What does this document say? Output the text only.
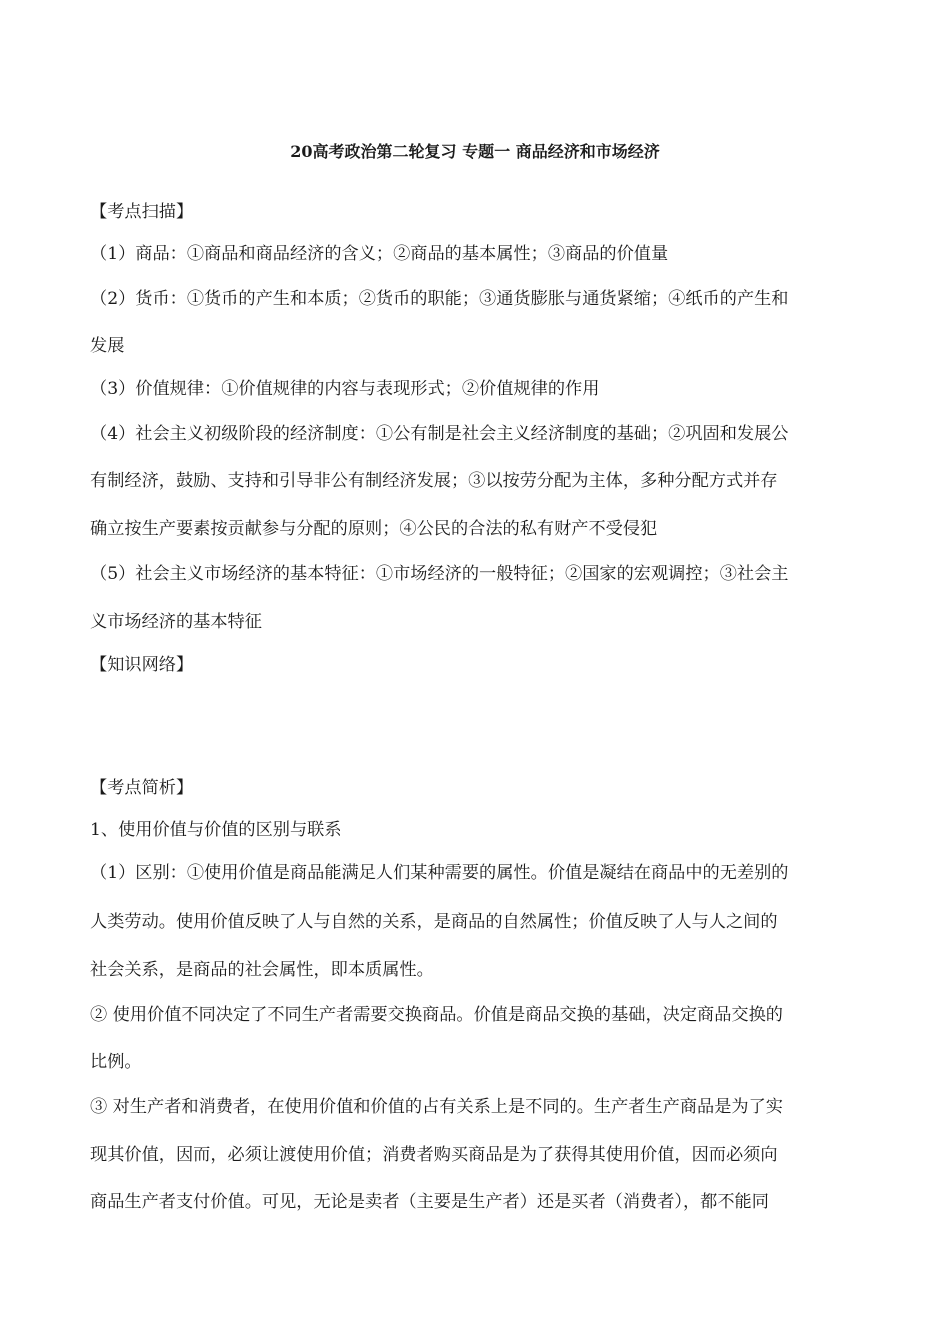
20高考政治第二轮复习 专题一 商品经济和市场经济
【考点扫描】
（1）商品：①商品和商品经济的含义；②商品的基本属性；③商品的价值量
（2）货币：①货币的产生和本质；②货币的职能；③通货膨胀与通货紧缩；④纸币的产生和
发展
（3）价值规律：①价值规律的内容与表现形式；②价值规律的作用
（4）社会主义初级阶段的经济制度：①公有制是社会主义经济制度的基础；②巩固和发展公
有制经济，鼓励、支持和引导非公有制经济发展；③以按劳分配为主体，多种分配方式并存
确立按生产要素按贡献参与分配的原则；④公民的合法的私有财产不受侵犯
（5）社会主义市场经济的基本特征：①市场经济的一般特征；②国家的宏观调控；③社会主
义市场经济的基本特征
【知识网络】
【考点简析】
1、使用价值与价值的区别与联系
（1）区别：①使用价值是商品能满足人们某种需要的属性。价值是凝结在商品中的无差别的
人类劳动。使用价值反映了人与自然的关系，是商品的自然属性；价值反映了人与人之间的
社会关系，是商品的社会属性，即本质属性。
② 使用价值不同决定了不同生产者需要交换商品。价值是商品交换的基础，决定商品交换的
比例。
③ 对生产者和消费者，在使用价值和价值的占有关系上是不同的。生产者生产商品是为了实
现其价值，因而，必须让渡使用价值；消费者购买商品是为了获得其使用价值，因而必须向
商品生产者支付价值。可见，无论是卖者（主要是生产者）还是买者（消费者），都不能同
